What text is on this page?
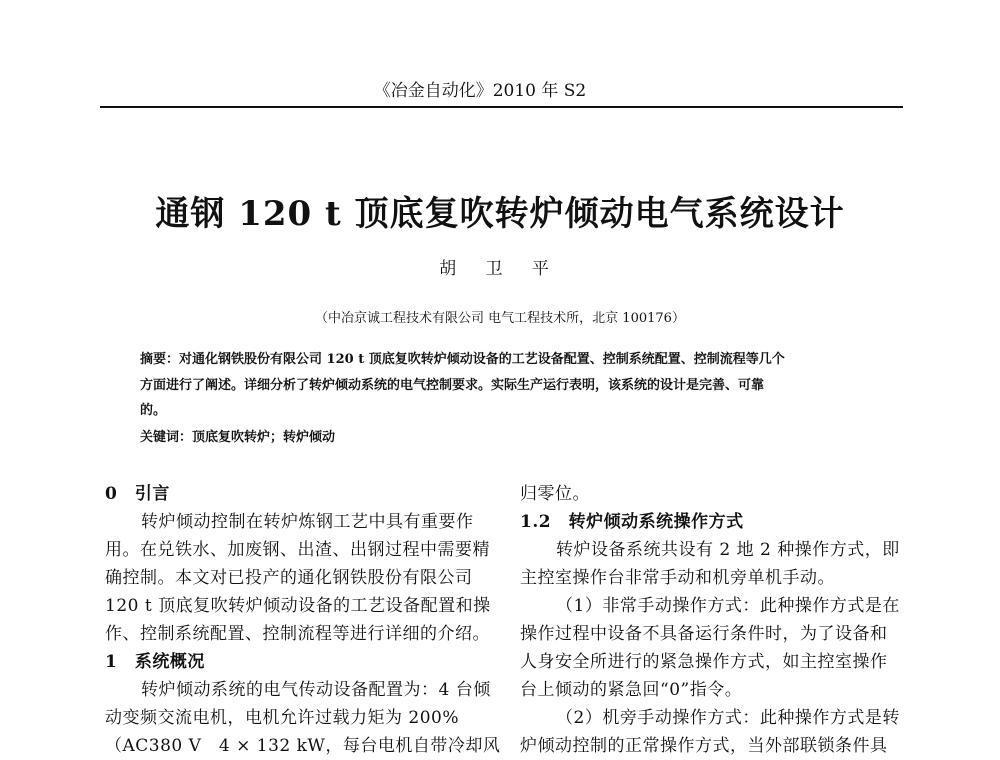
《冶金自动化》2010 年 S2
通钢 120 t 顶底复吹转炉倾动电气系统设计
胡 卫 平
（中冶京诚工程技术有限公司 电气工程技术所，北京 100176）
摘要：对通化钢铁股份有限公司 120 t 顶底复吹转炉倾动设备的工艺设备配置、控制系统配置、控制流程等几个
方面进行了阐述。详细分析了转炉倾动系统的电气控制要求。实际生产运行表明，该系统的设计是完善、可靠
的。
关键词：顶底复吹转炉；转炉倾动
0　引言
转炉倾动控制在转炉炼钢工艺中具有重要作
用。在兑铁水、加废钢、出渣、出钢过程中需要精
确控制。本文对已投产的通化钢铁股份有限公司
120 t 顶底复吹转炉倾动设备的工艺设备配置和操
作、控制系统配置、控制流程等进行详细的介绍。
1　系统概况
转炉倾动系统的电气传动设备配置为：4 台倾
动变频交流电机，电机允许过载力矩为 200%
（AC380 V　4 × 132 kW，每台电机自带冷却风
归零位。
1.2　转炉倾动系统操作方式
转炉设备系统共设有 2 地 2 种操作方式，即
主控室操作台非常手动和机旁单机手动。
（1）非常手动操作方式：此种操作方式是在
操作过程中设备不具备运行条件时，为了设备和
人身安全所进行的紧急操作方式，如主控室操作
台上倾动的紧急回“0”指令。
（2）机旁手动操作方式：此种操作方式是转
炉倾动控制的正常操作方式，当外部联锁条件具
